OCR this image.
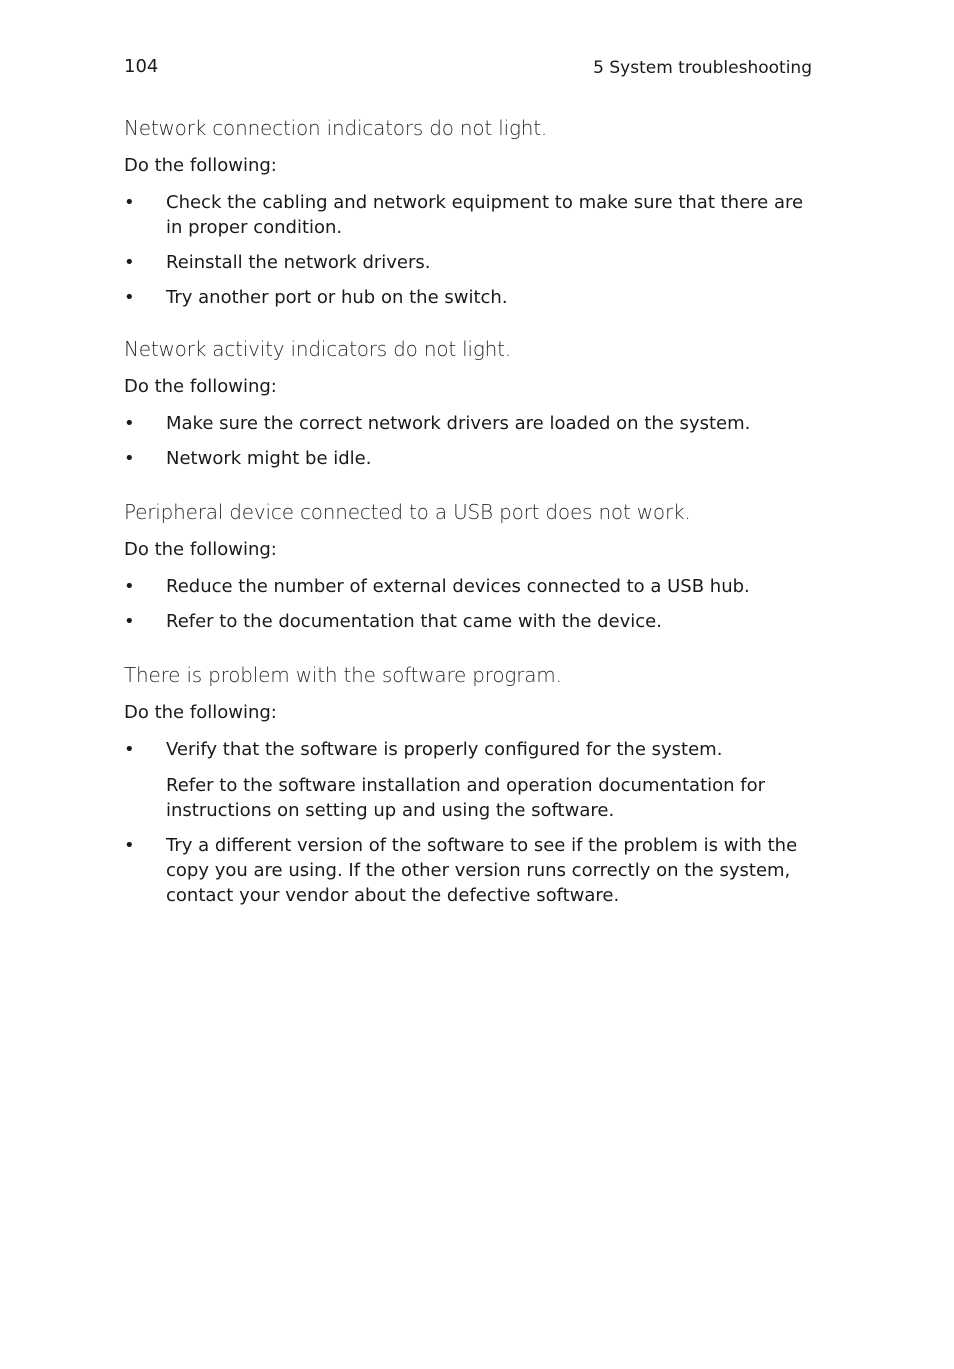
104	5 System troubleshooting
Network connection indicators do not light.
Do the following:
• Check the cabling and network equipment to make sure that there are in proper condition.
• Reinstall the network drivers.
• Try another port or hub on the switch.
Network activity indicators do not light.
Do the following:
• Make sure the correct network drivers are loaded on the system.
• Network might be idle.
Peripheral device connected to a USB port does not work.
Do the following:
• Reduce the number of external devices connected to a USB hub.
• Refer to the documentation that came with the device.
There is problem with the software program.
Do the following:
• Verify that the software is properly configured for the system.
Refer to the software installation and operation documentation for instructions on setting up and using the software.
• Try a different version of the software to see if the problem is with the copy you are using. If the other version runs correctly on the system, contact your vendor about the defective software.
